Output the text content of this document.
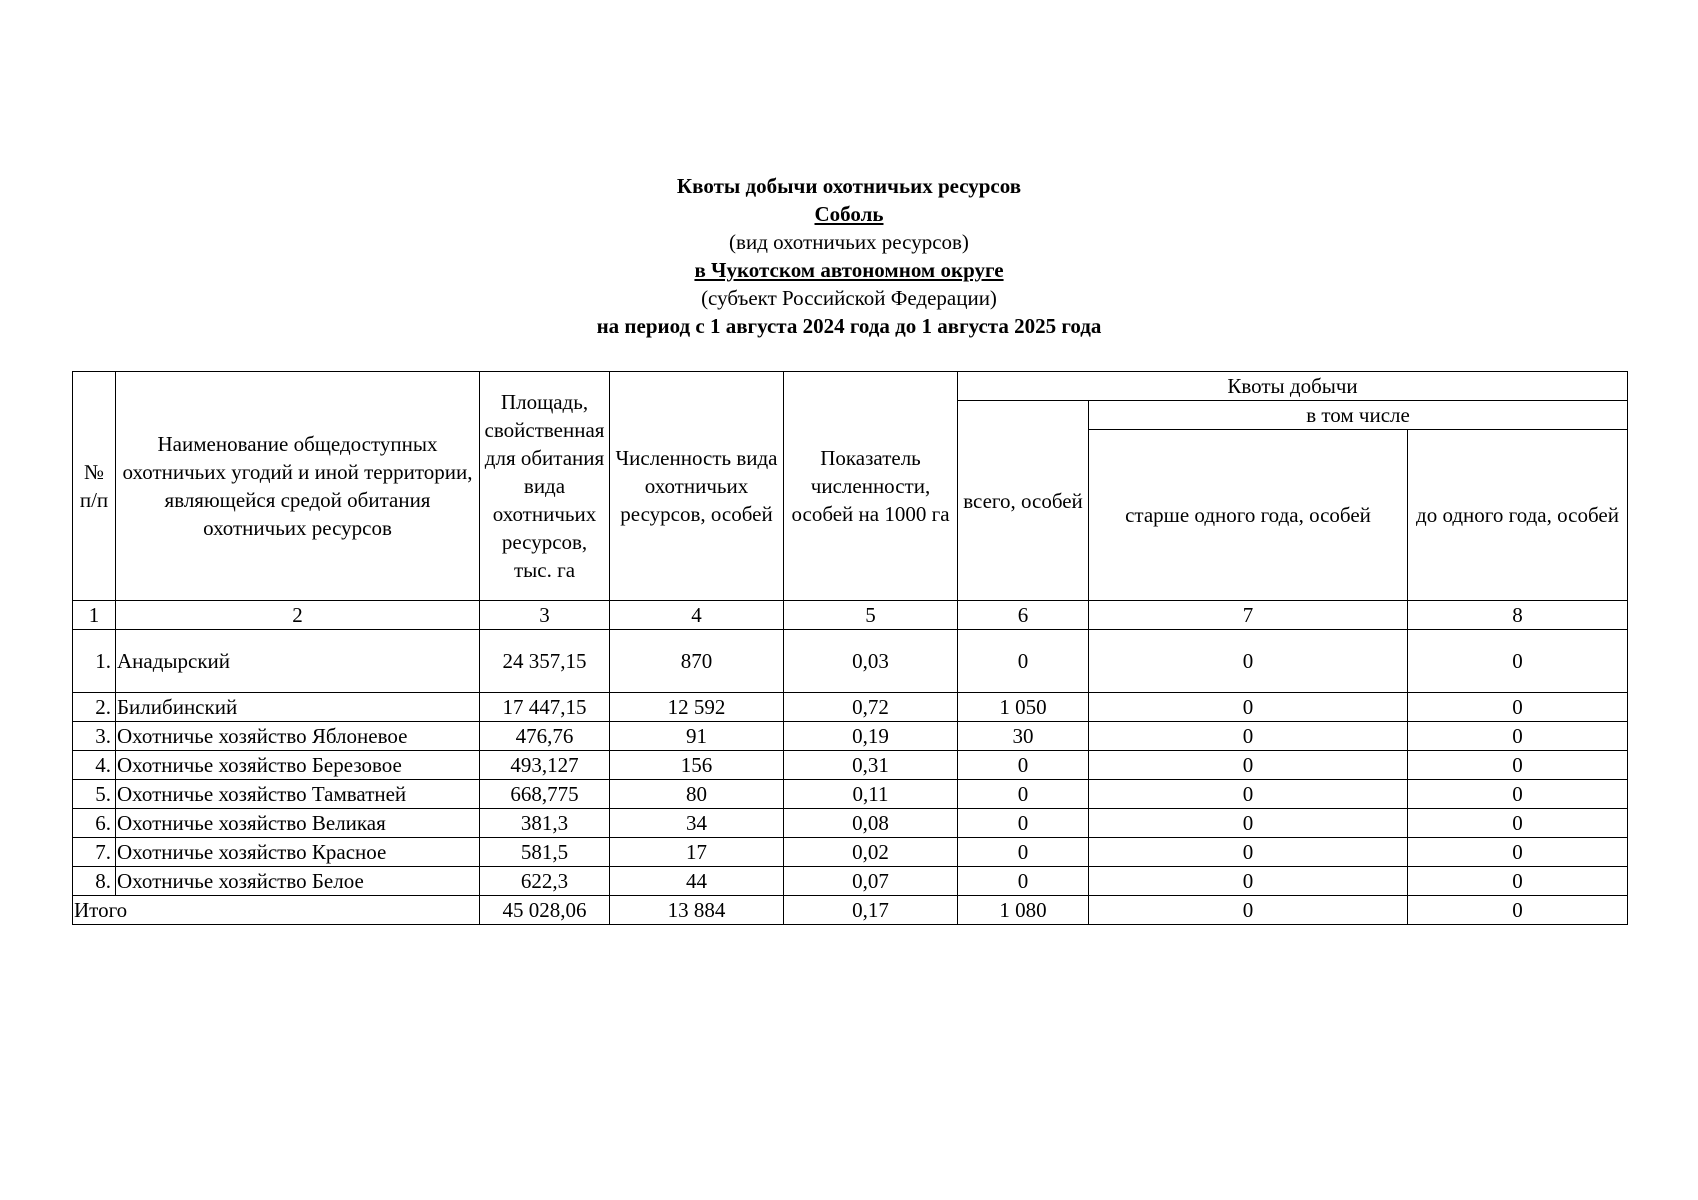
Квоты добычи охотничьих ресурсов
Соболь
(вид охотничьих ресурсов)
в Чукотском автономном округе
(субъект Российской Федерации)
на период с 1 августа 2024 года до 1 августа 2025 года
№ п/п	Наименование общедоступных охотничьих угодий и иной территории, являющейся средой обитания охотничьих ресурсов	Площадь, свойственная для обитания вида охотничьих ресурсов, тыс. га	Численность вида охотничьих ресурсов, особей	Показатель численности, особей на 1000 га	Квоты добычи		
					всего, особей	в том числе	
						старше одного года, особей	до одного года, особей
1	2	3	4	5	6	7	8
1.	Анадырский	24 357,15	870	0,03	0	0	0
2.	Билибинский	17 447,15	12 592	0,72	1 050	0	0
3.	Охотничье хозяйство Яблоневое	476,76	91	0,19	30	0	0
4.	Охотничье хозяйство Березовое	493,127	156	0,31	0	0	0
5.	Охотничье хозяйство Тамватней	668,775	80	0,11	0	0	0
6.	Охотничье хозяйство Великая	381,3	34	0,08	0	0	0
7.	Охотничье хозяйство Красное	581,5	17	0,02	0	0	0
8.	Охотничье хозяйство Белое	622,3	44	0,07	0	0	0
Итого		45 028,06	13 884	0,17	1 080	0	0
